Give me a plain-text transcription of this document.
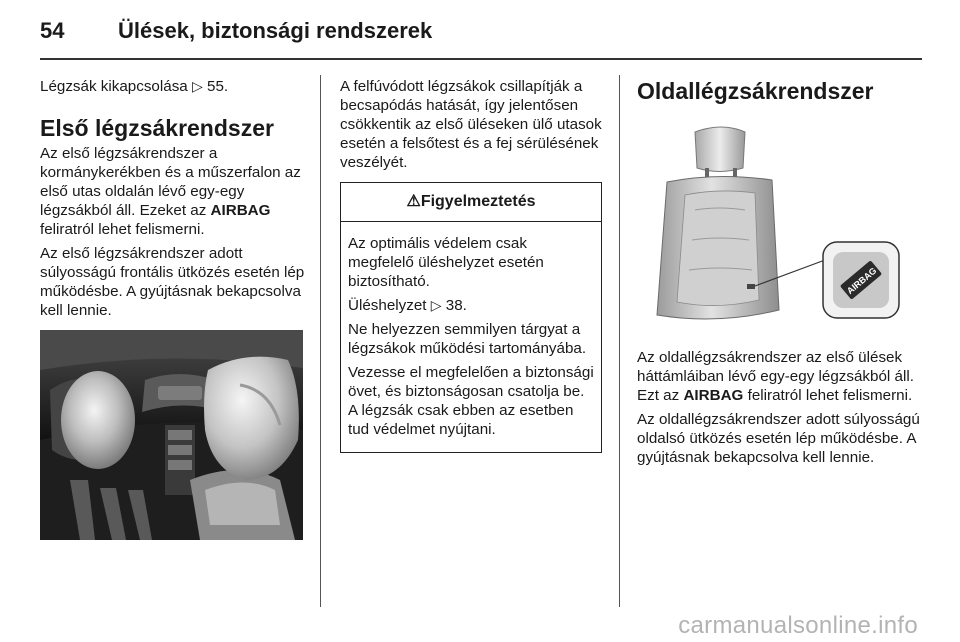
54 Ülések, biztonsági rendszerek

Légzsák kikapcsolása ▷ 55.

Első légzsákrendszer

Az első légzsákrendszer a kormánykerékben és a műszerfalon az első utas oldalán lévő egy-egy légzsákból áll. Ezeket az AIRBAG feliratról lehet felismerni.

Az első légzsákrendszer adott súlyosságú frontális ütközés esetén lép működésbe. A gyújtásnak bekapcsolva kell lennie.

A felfúvódott légzsákok csillapítják a becsapódás hatását, így jelentősen csökkentik az első üléseken ülő utasok esetén a felsőtest és a fej sérülésének veszélyét.

⚠Figyelmeztetés

Az optimális védelem csak megfelelő üléshelyzet esetén biztosítható.

Üléshelyzet ▷ 38.

Ne helyezzen semmilyen tárgyat a légzsákok működési tartományába.

Vezesse el megfelelően a biztonsági övet, és biztonságosan csatolja be. A légzsák csak ebben az esetben tud védelmet nyújtani.

Oldallégzsákrendszer
AIRBAG

Az oldallégzsákrendszer az első ülések háttámláiban lévő egy-egy légzsákból áll. Ezt az AIRBAG feliratról lehet felismerni.

Az oldallégzsákrendszer adott súlyosságú oldalsó ütközés esetén lép működésbe. A gyújtásnak bekapcsolva kell lennie.

carmanualsonline.info
